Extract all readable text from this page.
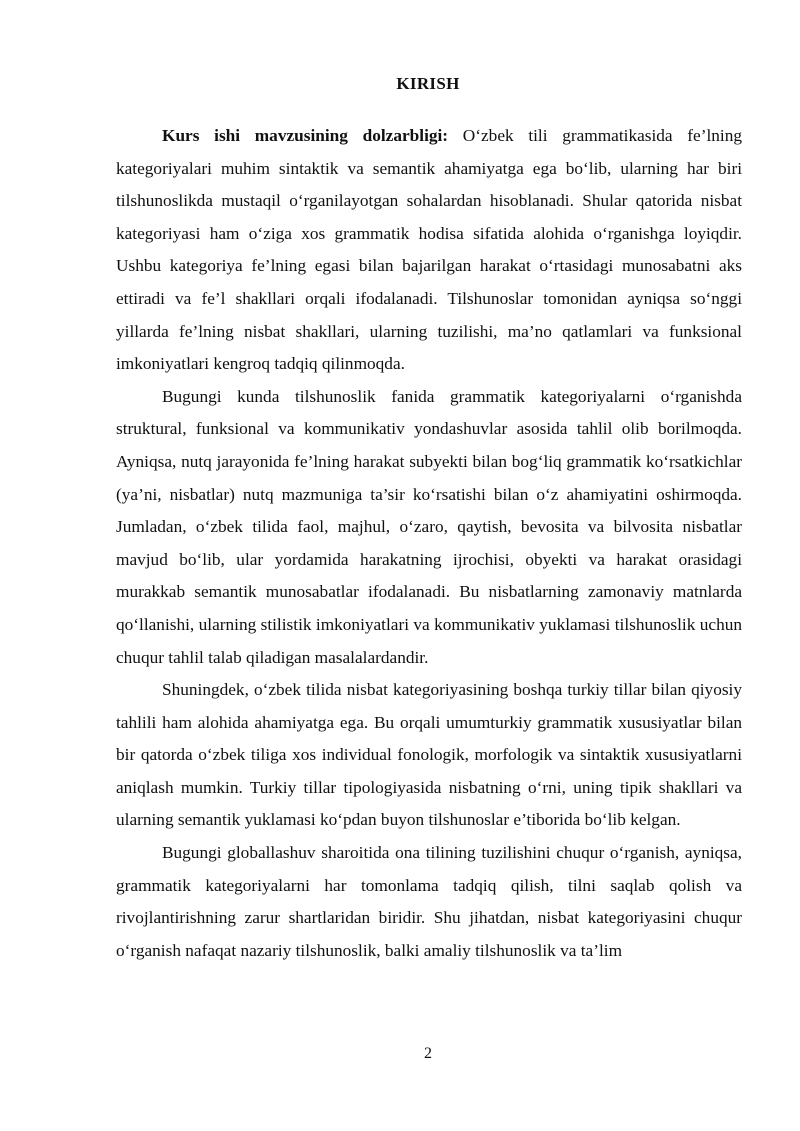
KIRISH

Kurs ishi mavzusining dolzarbligi: O‘zbek tili grammatikasida fe’lning kategoriyalari muhim sintaktik va semantik ahamiyatga ega bo‘lib, ularning har biri tilshunoslikda mustaqil o‘rganilayotgan sohalardan hisoblanadi. Shular qatorida nisbat kategoriyasi ham o‘ziga xos grammatik hodisa sifatida alohida o‘rganishga loyiqdir. Ushbu kategoriya fe’lning egasi bilan bajarilgan harakat o‘rtasidagi munosabatni aks ettiradi va fe’l shakllari orqali ifodalanadi. Tilshunoslar tomonidan ayniqsa so‘nggi yillarda fe’lning nisbat shakllari, ularning tuzilishi, ma’no qatlamlari va funksional imkoniyatlari kengroq tadqiq qilinmoqda.

Bugungi kunda tilshunoslik fanida grammatik kategoriyalarni o‘rganishda struktural, funksional va kommunikativ yondashuvlar asosida tahlil olib borilmoqda. Ayniqsa, nutq jarayonida fe’lning harakat subyekti bilan bog‘liq grammatik ko‘rsatkichlar (ya’ni, nisbatlar) nutq mazmuniga ta’sir ko‘rsatishi bilan o‘z ahamiyatini oshirmoqda. Jumladan, o‘zbek tilida faol, majhul, o‘zaro, qaytish, bevosita va bilvosita nisbatlar mavjud bo‘lib, ular yordamida harakatning ijrochisi, obyekti va harakat orasidagi murakkab semantik munosabatlar ifodalanadi. Bu nisbatlarning zamonaviy matnlarda qo‘llanishi, ularning stilistik imkoniyatlari va kommunikativ yuklamasi tilshunoslik uchun chuqur tahlil talab qiladigan masalalardandir.

Shuningdek, o‘zbek tilida nisbat kategoriyasining boshqa turkiy tillar bilan qiyosiy tahlili ham alohida ahamiyatga ega. Bu orqali umumturkiy grammatik xususiyatlar bilan bir qatorda o‘zbek tiliga xos individual fonologik, morfologik va sintaktik xususiyatlarni aniqlash mumkin. Turkiy tillar tipologiyasida nisbatning o‘rni, uning tipik shakllari va ularning semantik yuklamasi ko‘pdan buyon tilshunoslar e’tiborida bo‘lib kelgan.

Bugungi globallashuv sharoitida ona tilining tuzilishini chuqur o‘rganish, ayniqsa, grammatik kategoriyalarni har tomonlama tadqiq qilish, tilni saqlab qolish va rivojlantirishning zarur shartlaridan biridir. Shu jihatdan, nisbat kategoriyasini chuqur o‘rganish nafaqat nazariy tilshunoslik, balki amaliy tilshunoslik va ta’lim

2
